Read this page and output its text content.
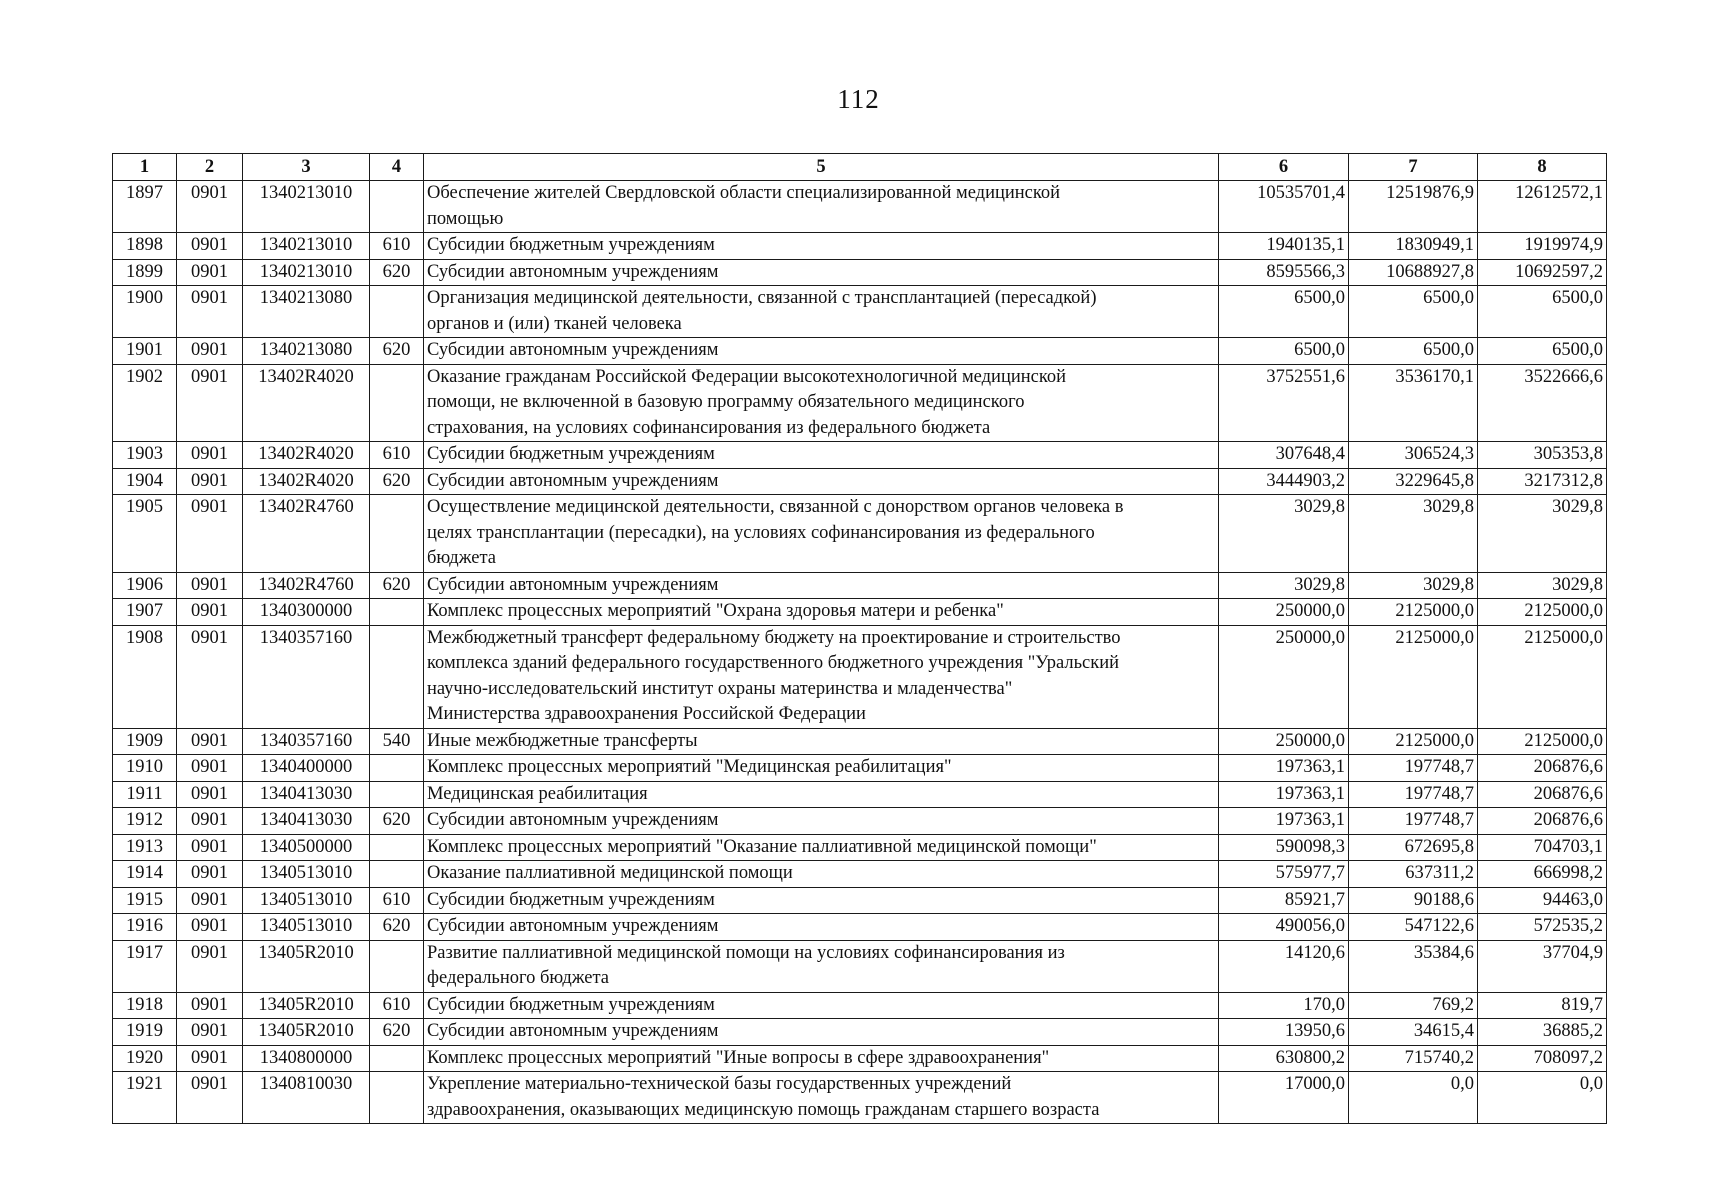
112
1	2	3	4	5	6	7	8
1897	0901	1340213010		Обеспечение жителей Свердловской области специализированной медицинской
помощью	10535701,4	12519876,9	12612572,1
1898	0901	1340213010	610	Субсидии бюджетным учреждениям	1940135,1	1830949,1	1919974,9
1899	0901	1340213010	620	Субсидии автономным учреждениям	8595566,3	10688927,8	10692597,2
1900	0901	1340213080		Организация медицинской деятельности, связанной с трансплантацией (пересадкой)
органов и (или) тканей человека	6500,0	6500,0	6500,0
1901	0901	1340213080	620	Субсидии автономным учреждениям	6500,0	6500,0	6500,0
1902	0901	13402R4020		Оказание гражданам Российской Федерации высокотехнологичной медицинской
помощи, не включенной в базовую программу обязательного медицинского
страхования, на условиях софинансирования из федерального бюджета	3752551,6	3536170,1	3522666,6
1903	0901	13402R4020	610	Субсидии бюджетным учреждениям	307648,4	306524,3	305353,8
1904	0901	13402R4020	620	Субсидии автономным учреждениям	3444903,2	3229645,8	3217312,8
1905	0901	13402R4760		Осуществление медицинской деятельности, связанной с донорством органов человека в
целях трансплантации (пересадки), на условиях софинансирования из федерального
бюджета	3029,8	3029,8	3029,8
1906	0901	13402R4760	620	Субсидии автономным учреждениям	3029,8	3029,8	3029,8
1907	0901	1340300000		Комплекс процессных мероприятий "Охрана здоровья матери и ребенка"	250000,0	2125000,0	2125000,0
1908	0901	1340357160		Межбюджетный трансферт федеральному бюджету на проектирование и строительство
комплекса зданий федерального государственного бюджетного учреждения "Уральский
научно-исследовательский институт охраны материнства и младенчества"
Министерства здравоохранения Российской Федерации	250000,0	2125000,0	2125000,0
1909	0901	1340357160	540	Иные межбюджетные трансферты	250000,0	2125000,0	2125000,0
1910	0901	1340400000		Комплекс процессных мероприятий "Медицинская реабилитация"	197363,1	197748,7	206876,6
1911	0901	1340413030		Медицинская реабилитация	197363,1	197748,7	206876,6
1912	0901	1340413030	620	Субсидии автономным учреждениям	197363,1	197748,7	206876,6
1913	0901	1340500000		Комплекс процессных мероприятий "Оказание паллиативной медицинской помощи"	590098,3	672695,8	704703,1
1914	0901	1340513010		Оказание паллиативной медицинской помощи	575977,7	637311,2	666998,2
1915	0901	1340513010	610	Субсидии бюджетным учреждениям	85921,7	90188,6	94463,0
1916	0901	1340513010	620	Субсидии автономным учреждениям	490056,0	547122,6	572535,2
1917	0901	13405R2010		Развитие паллиативной медицинской помощи на условиях софинансирования из
федерального бюджета	14120,6	35384,6	37704,9
1918	0901	13405R2010	610	Субсидии бюджетным учреждениям	170,0	769,2	819,7
1919	0901	13405R2010	620	Субсидии автономным учреждениям	13950,6	34615,4	36885,2
1920	0901	1340800000		Комплекс процессных мероприятий "Иные вопросы в сфере здравоохранения"	630800,2	715740,2	708097,2
1921	0901	1340810030		Укрепление материально-технической базы государственных учреждений
здравоохранения, оказывающих медицинскую помощь гражданам старшего возраста	17000,0	0,0	0,0
